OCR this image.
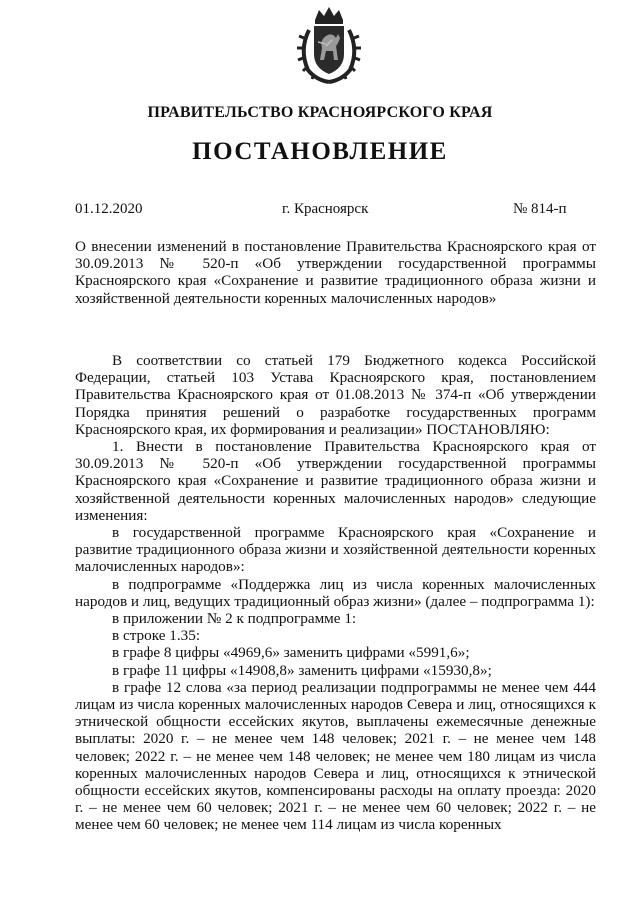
ПРАВИТЕЛЬСТВО КРАСНОЯРСКОГО КРАЯ
ПОСТАНОВЛЕНИЕ
01.12.2020	г. Красноярск	№ 814-п
О внесении изменений в постановление Правительства Красноярского края от 30.09.2013 № 520-п «Об утверждении государственной программы Красноярского края «Сохранение и развитие традиционного образа жизни и хозяйственной деятельности коренных малочисленных народов»

В соответствии со статьей 179 Бюджетного кодекса Российской Федерации, статьей 103 Устава Красноярского края, постановлением Правительства Красноярского края от 01.08.2013 № 374-п «Об утверждении Порядка принятия решений о разработке государственных программ Красноярского края, их формирования и реализации» ПОСТАНОВЛЯЮ:

1. Внести в постановление Правительства Красноярского края от 30.09.2013 № 520-п «Об утверждении государственной программы Красноярского края «Сохранение и развитие традиционного образа жизни и хозяйственной деятельности коренных малочисленных народов» следующие изменения:

в государственной программе Красноярского края «Сохранение и развитие традиционного образа жизни и хозяйственной деятельности коренных малочисленных народов»:

в подпрограмме «Поддержка лиц из числа коренных малочисленных народов и лиц, ведущих традиционный образ жизни» (далее – подпрограмма 1):

в приложении № 2 к подпрограмме 1:

в строке 1.35:

в графе 8 цифры «4969,6» заменить цифрами «5991,6»;

в графе 11 цифры «14908,8» заменить цифрами «15930,8»;

в графе 12 слова «за период реализации подпрограммы не менее чем 444 лицам из числа коренных малочисленных народов Севера и лиц, относящихся к этнической общности ессейских якутов, выплачены ежемесячные денежные выплаты: 2020 г. – не менее чем 148 человек; 2021 г. – не менее чем 148 человек; 2022 г. – не менее чем 148 человек; не менее чем 180 лицам из числа коренных малочисленных народов Севера и лиц, относящихся к этнической общности ессейских якутов, компенсированы расходы на оплату проезда: 2020 г. – не менее чем 60 человек; 2021 г. – не менее чем 60 человек; 2022 г. – не менее чем 60 человек; не менее чем 114 лицам из числа коренных
